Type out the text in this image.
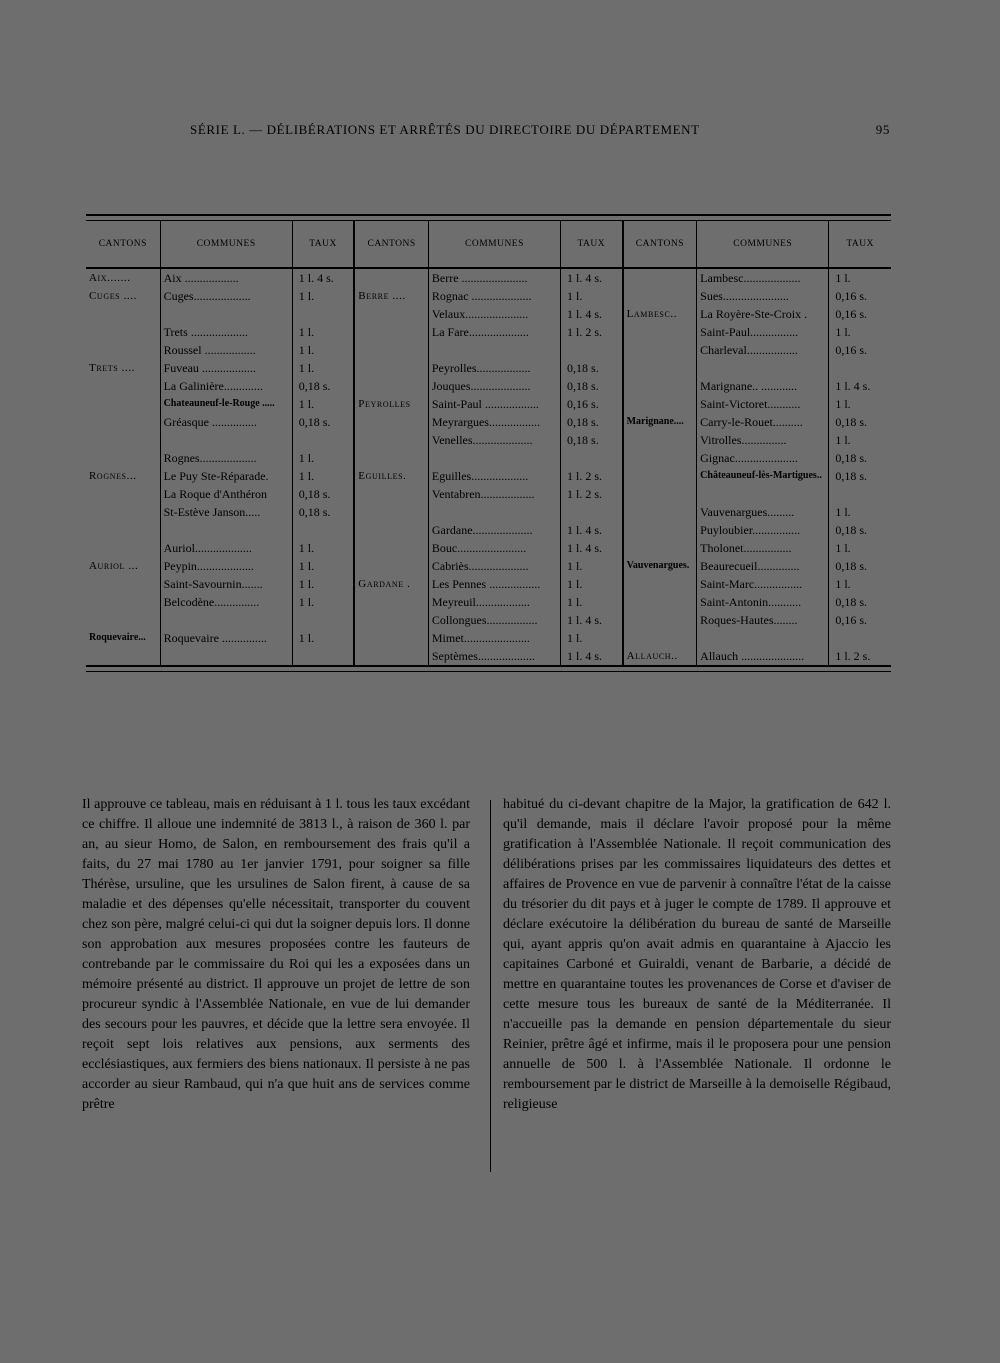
SÉRIE L. — DÉLIBÉRATIONS ET ARRÊTÉS DU DIRECTOIRE DU DÉPARTEMENT	95
CANTONS	COMMUNES	TAUX	CANTONS	COMMUNES	TAUX	CANTONS	COMMUNES	TAUX
Aix.......	Aix ..................	1 l. 4 s.		Berre ......................	1 l. 4 s.		Lambesc...................	1 l.
Cuges ....	Cuges...................	1 l.	Berre ....	Rognac ....................	1 l.		Sues......................	0,16 s.
				Velaux.....................	1 l. 4 s.	Lambesc..	La Royère-Ste-Croix .	0,16 s.
	Trets ...................	1 l.		La Fare....................	1 l. 2 s.		Saint-Paul................	1 l.
	Roussel .................	1 l.					Charleval.................	0,16 s.
Trets ....	Fuveau ..................	1 l.		Peyrolles..................	0,18 s.			
	La Galinière.............	0,18 s.		Jouques....................	0,18 s.		Marignane.. ............	1 l. 4 s.
	Chateauneuf-le-Rouge .....	1 l.	Peyrolles	Saint-Paul ..................	0,16 s.		Saint-Victoret...........	1 l.
	Gréasque ...............	0,18 s.		Meyrargues.................	0,18 s.	Marignane....	Carry-le-Rouet..........	0,18 s.
				Venelles....................	0,18 s.		Vitrolles...............	1 l.
	Rognes...................	1 l.					Gignac.....................	0,18 s.
Rognes...	Le Puy Ste-Réparade.	1 l.	Eguilles.	Eguilles...................	1 l. 2 s.		Châteauneuf-lès-Martigues..	0,18 s.
	La Roque d'Anthéron	0,18 s.		Ventabren..................	1 l. 2 s.			
	St-Estève Janson.....	0,18 s.					Vauvenargues.........	1 l.
				Gardane....................	1 l. 4 s.		Puyloubier................	0,18 s.
	Auriol...................	1 l.		Bouc.......................	1 l. 4 s.		Tholonet................	1 l.
Auriol ...	Peypin...................	1 l.		Cabriès....................	1 l.	Vauvenargues.	Beaurecueil..............	0,18 s.
	Saint-Savournin.......	1 l.	Gardane .	Les Pennes .................	1 l.		Saint-Marc................	1 l.
	Belcodène...............	1 l.		Meyreuil..................	1 l.		Saint-Antonin...........	0,18 s.
				Collongues.................	1 l. 4 s.		Roques-Hautes........	0,16 s.
Roquevaire...	Roquevaire ...............	1 l.		Mimet......................	1 l.			
				Septèmes...................	1 l. 4 s.	Allauch..	Allauch .....................	1 l. 2 s.
Il approuve ce tableau, mais en réduisant à 1 l. tous les taux excédant ce chiffre. Il alloue une indemnité de 3813 l., à raison de 360 l. par an, au sieur Homo, de Salon, en remboursement des frais qu'il a faits, du 27 mai 1780 au 1er janvier 1791, pour soigner sa fille Thérèse, ursuline, que les ursulines de Salon firent, à cause de sa maladie et des dépenses qu'elle nécessitait, transporter du couvent chez son père, malgré celui-ci qui dut la soigner depuis lors. Il donne son approbation aux mesures proposées contre les fauteurs de contrebande par le commissaire du Roi qui les a exposées dans un mémoire présenté au district. Il approuve un projet de lettre de son procureur syndic à l'Assemblée Nationale, en vue de lui demander des secours pour les pauvres, et décide que la lettre sera envoyée. Il reçoit sept lois relatives aux pensions, aux serments des ecclésiastiques, aux fermiers des biens nationaux. Il persiste à ne pas accorder au sieur Rambaud, qui n'a que huit ans de services comme prêtre
habitué du ci-devant chapitre de la Major, la gratification de 642 l. qu'il demande, mais il déclare l'avoir proposé pour la même gratification à l'Assemblée Nationale. Il reçoit communication des délibérations prises par les commissaires liquidateurs des dettes et affaires de Provence en vue de parvenir à connaître l'état de la caisse du trésorier du dit pays et à juger le compte de 1789. Il approuve et déclare exécutoire la délibération du bureau de santé de Marseille qui, ayant appris qu'on avait admis en quarantaine à Ajaccio les capitaines Carboné et Guiraldi, venant de Barbarie, a décidé de mettre en quarantaine toutes les provenances de Corse et d'aviser de cette mesure tous les bureaux de santé de la Méditerranée. Il n'accueille pas la demande en pension départementale du sieur Reinier, prêtre âgé et infirme, mais il le proposera pour une pension annuelle de 500 l. à l'Assemblée Nationale. Il ordonne le remboursement par le district de Marseille à la demoiselle Régibaud, religieuse
